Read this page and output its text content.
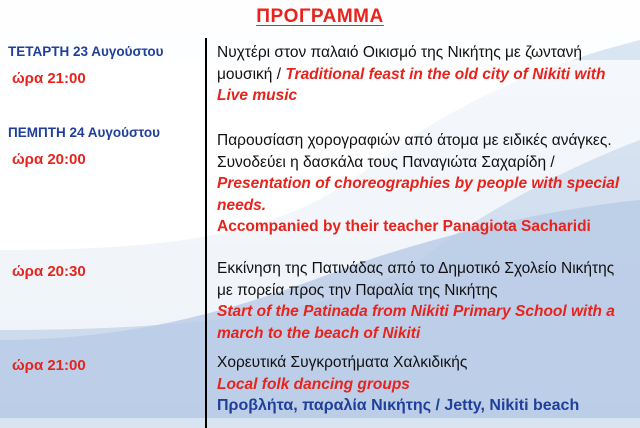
ΠΡΟΓΡΑΜΜΑ
ΤΕΤΑΡΤΗ 23 Αυγούστου
ώρα 21:00
ΠΕΜΠΤΗ 24 Αυγούστου
ώρα 20:00
ώρα 20:30
ώρα 21:00
Νυχτέρι στον παλαιό Οικισμό της Νικήτης με ζωντανή μουσική / Traditional feast in the old city of Nikiti with Live music
Παρουσίαση χορογραφιών από άτομα με ειδικές ανάγκες. Συνοδεύει η δασκάλα τους Παναγιώτα Σαχαρίδη / Presentation of choreographies by people with special needs.
Accompanied by their teacher Panagiota Sacharidi
Εκκίνηση της Πατινάδας από το Δημοτικό Σχολείο Νικήτης με πορεία προς την Παραλία της Νικήτης
Start of the Patinada from Nikiti Primary School with a march to the beach of Nikiti
Χορευτικά Συγκροτήματα Χαλκιδικής
Local folk dancing groups
Προβλήτα, παραλία Νικήτης / Jetty, Nikiti beach
